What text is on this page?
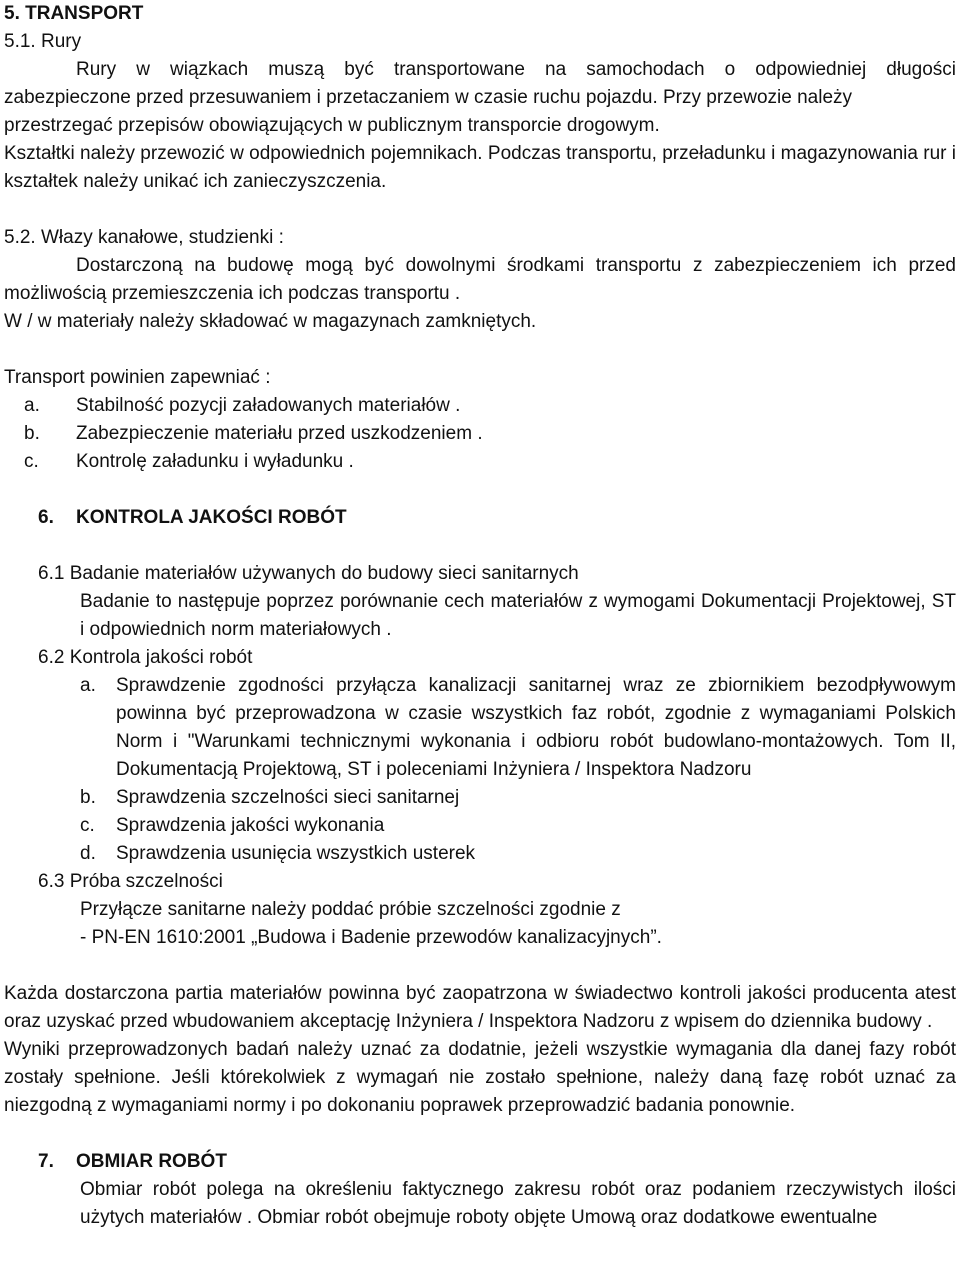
5. TRANSPORT

5.1. Rury

Rury w wiązkach muszą być transportowane na samochodach o odpowiedniej długości

zabezpieczone przed przesuwaniem i przetaczaniem w czasie ruchu pojazdu. Przy przewozie należy przestrzegać przepisów obowiązujących w publicznym transporcie drogowym.

Kształtki należy przewozić w odpowiednich pojemnikach. Podczas transportu, przeładunku i magazynowania rur i kształtek należy unikać ich zanieczyszczenia.

5.2. Włazy kanałowe, studzienki :

Dostarczoną na budowę mogą być dowolnymi środkami transportu z zabezpieczeniem ich przed

możliwością przemieszczenia ich podczas transportu .

W / w materiały należy składować w magazynach zamkniętych.

Transport powinien zapewniać :

a.	Stabilność pozycji załadowanych materiałów .
b.	Zabezpieczenie materiału przed uszkodzeniem .
c.	Kontrolę załadunku i wyładunku .
6.	KONTROLA JAKOŚCI ROBÓT

6.1 Badanie materiałów używanych do budowy sieci sanitarnych

Badanie to następuje poprzez porównanie cech materiałów z wymogami Dokumentacji Projektowej, ST i odpowiednich norm materiałowych .

6.2 Kontrola jakości robót

a.	Sprawdzenie zgodności przyłącza kanalizacji sanitarnej wraz ze zbiornikiem bezodpływowym powinna być przeprowadzona w czasie wszystkich faz robót, zgodnie z wymaganiami Polskich Norm i "Warunkami technicznymi wykonania i odbioru robót budowlano-montażowych. Tom II, Dokumentacją Projektową, ST i poleceniami Inżyniera / Inspektora Nadzoru
b.	Sprawdzenia szczelności sieci sanitarnej
c.	Sprawdzenia jakości wykonania
d.	Sprawdzenia usunięcia wszystkich usterek

6.3 Próba szczelności

Przyłącze sanitarne należy poddać próbie szczelności zgodnie z

- PN-EN 1610:2001 „Budowa i Badenie przewodów kanalizacyjnych”.

Każda dostarczona partia materiałów powinna być zaopatrzona w świadectwo kontroli jakości producenta atest oraz uzyskać przed wbudowaniem akceptację Inżyniera / Inspektora Nadzoru z wpisem do dziennika budowy .

Wyniki przeprowadzonych badań należy uznać za dodatnie, jeżeli wszystkie wymagania dla danej fazy robót zostały spełnione. Jeśli którekolwiek z wymagań nie zostało spełnione, należy daną fazę robót uznać za niezgodną z wymaganiami normy i po dokonaniu poprawek przeprowadzić badania ponownie.

7.	OBMIAR ROBÓT

Obmiar robót polega na określeniu faktycznego zakresu robót oraz podaniem rzeczywistych ilości użytych materiałów . Obmiar robót obejmuje roboty objęte Umową oraz dodatkowe ewentualne
